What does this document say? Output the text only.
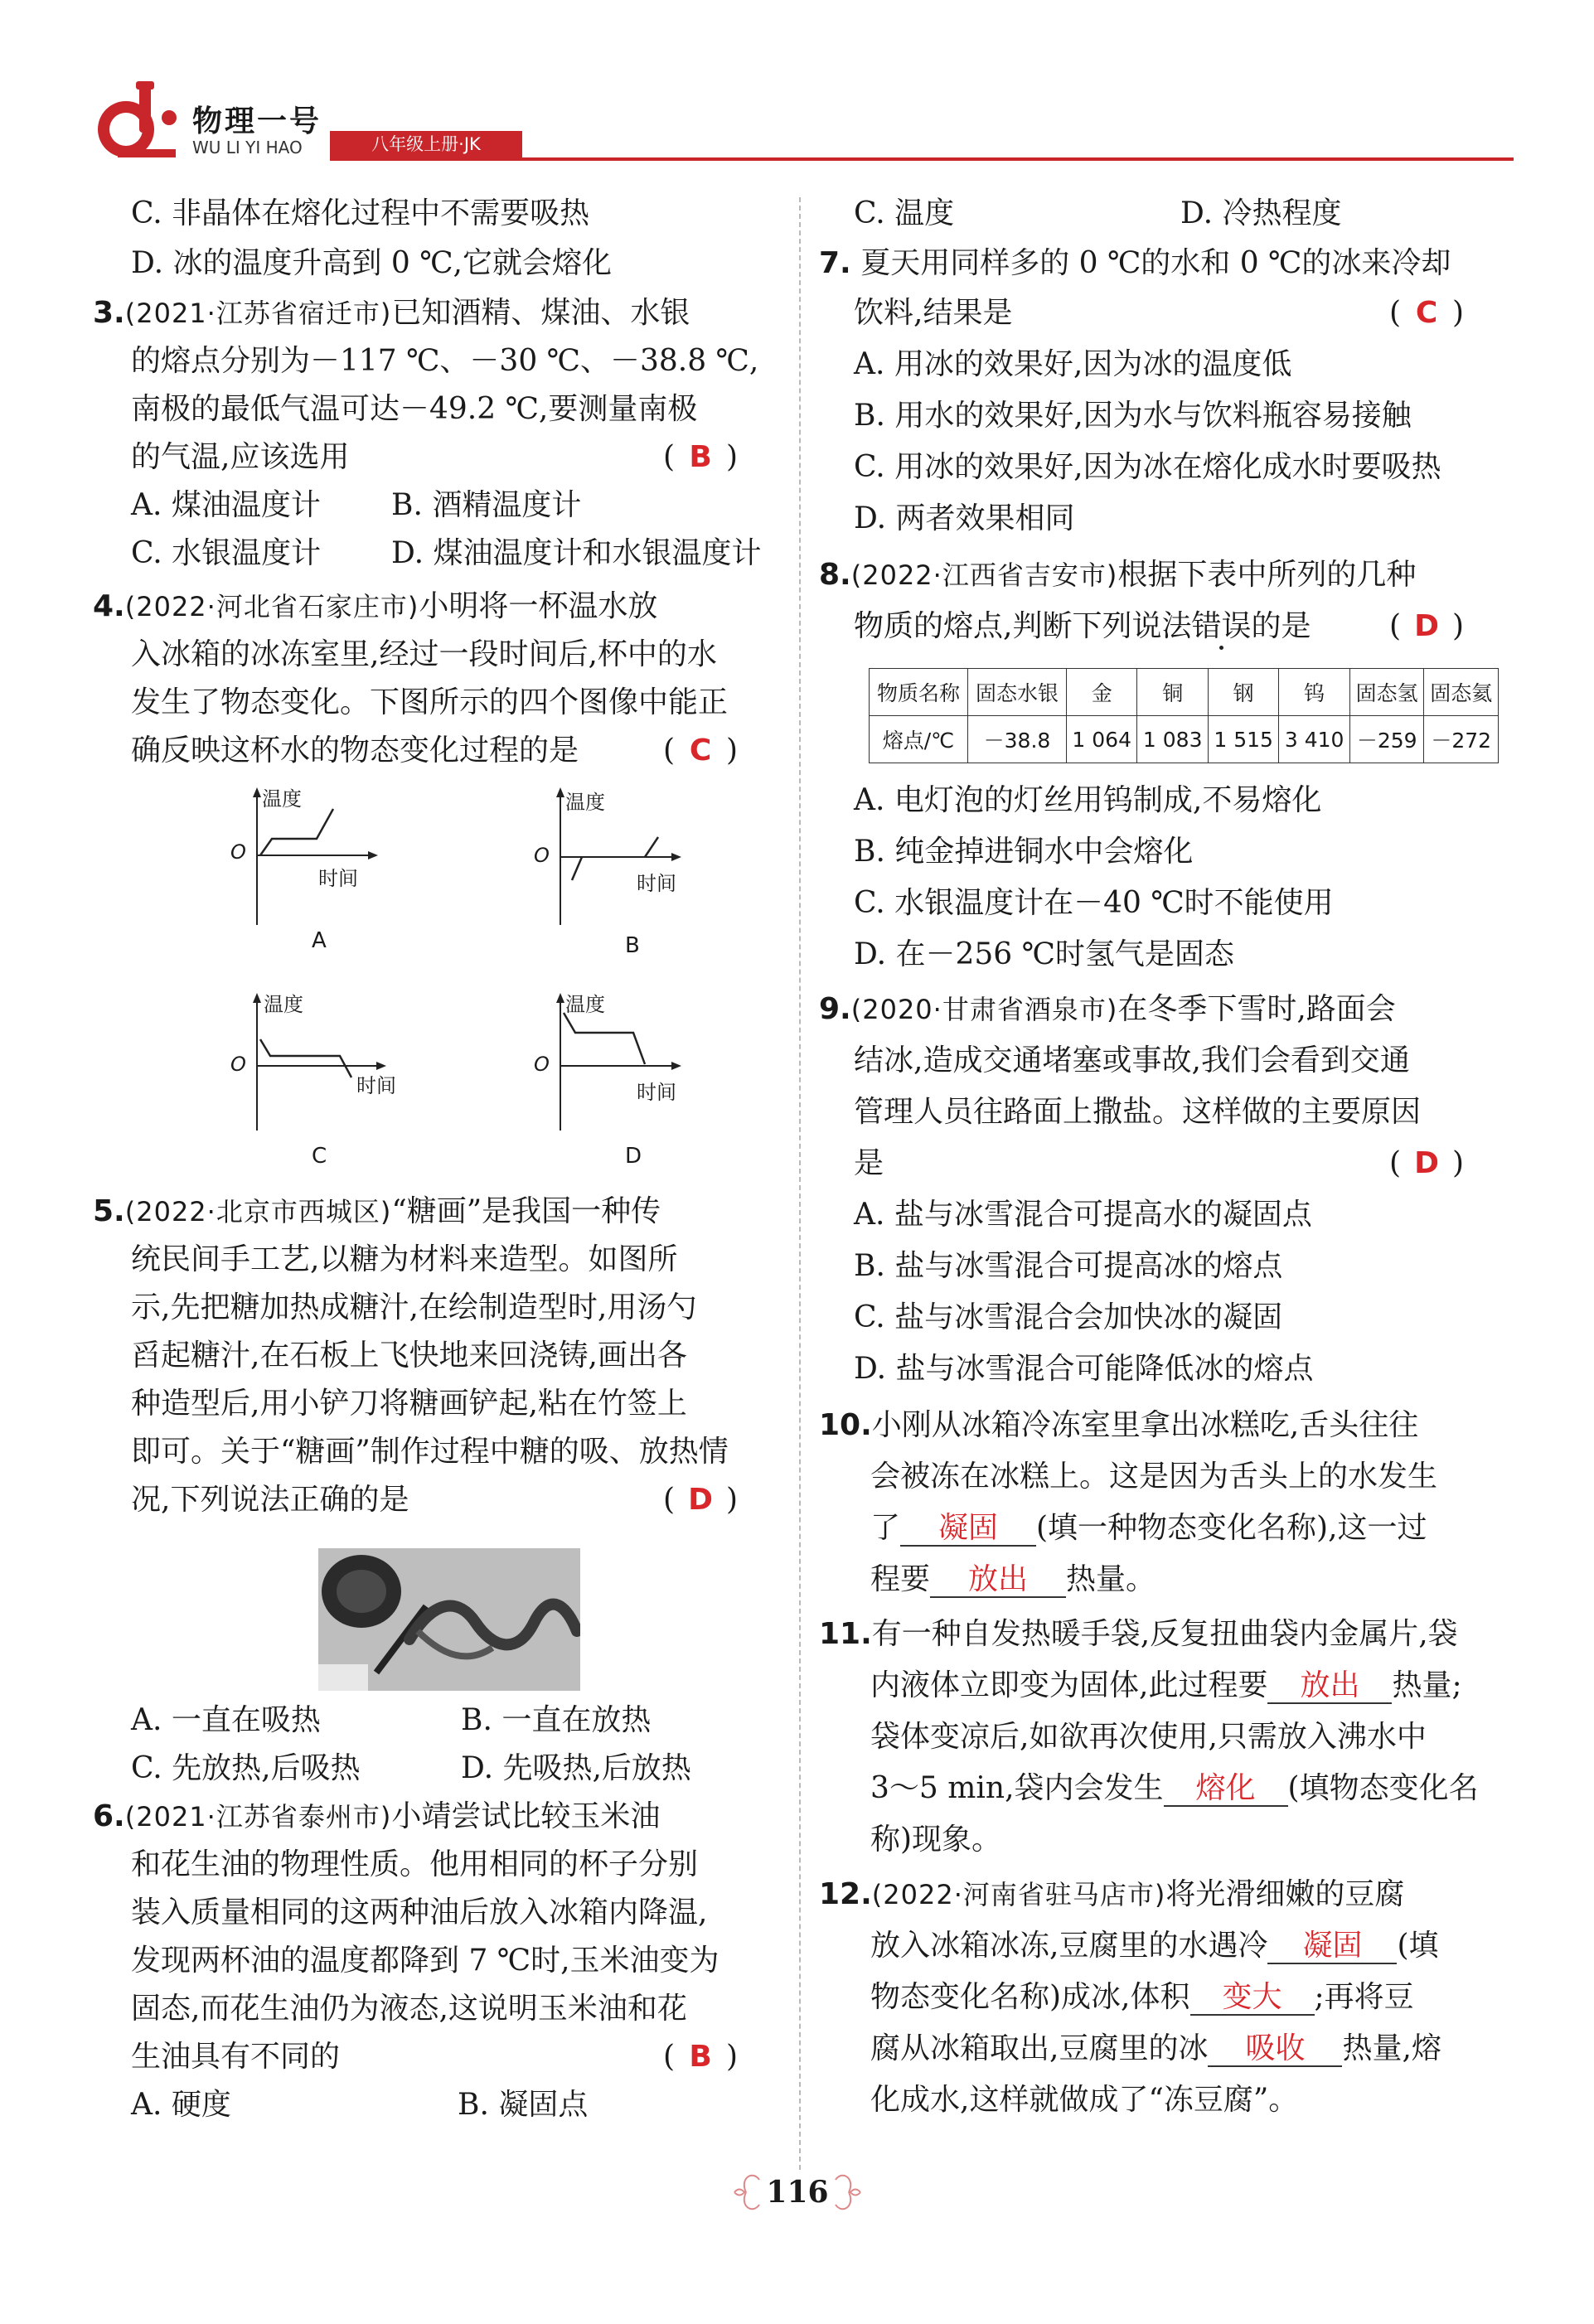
物理一号
WU LI YI HAO	八年级上册·JK
C. 非晶体在熔化过程中不需要吸热
D. 冰的温度升高到 0 ℃,它就会熔化
3.(2021·江苏省宿迁市)已知酒精、煤油、水银
的熔点分别为－117 ℃、－30 ℃、－38.8 ℃,
南极的最低气温可达－49.2 ℃,要测量南极
的气温,应该选用	( B )
A. 煤油温度计 B. 酒精温度计
C. 水银温度计 D. 煤油温度计和水银温度计
4.(2022·河北省石家庄市)小明将一杯温水放
入冰箱的冰冻室里,经过一段时间后,杯中的水
发生了物态变化。下图所示的四个图像中能正
确反映这杯水的物态变化过程的是	( C )
温度
时间
O
A
温度
时间
O
B
温度
时间
O
C
温度
时间
O
D
5.(2022·北京市西城区)“糖画”是我国一种传
统民间手工艺,以糖为材料来造型。如图所
示,先把糖加热成糖汁,在绘制造型时,用汤勺
舀起糖汁,在石板上飞快地来回浇铸,画出各
种造型后,用小铲刀将糖画铲起,粘在竹签上
即可。关于“糖画”制作过程中糖的吸、放热情
况,下列说法正确的是	( D )
A. 一直在吸热	B. 一直在放热
C. 先放热,后吸热	D. 先吸热,后放热
6.(2021·江苏省泰州市)小靖尝试比较玉米油
和花生油的物理性质。他用相同的杯子分别
装入质量相同的这两种油后放入冰箱内降温,
发现两杯油的温度都降到 7 ℃时,玉米油变为
固态,而花生油仍为液态,这说明玉米油和花
生油具有不同的	( B )
A. 硬度	B. 凝固点
C. 温度	D. 冷热程度
7. 夏天用同样多的 0 ℃的水和 0 ℃的冰来冷却
饮料,结果是	( C )
A. 用冰的效果好,因为冰的温度低
B. 用水的效果好,因为水与饮料瓶容易接触
C. 用冰的效果好,因为冰在熔化成水时要吸热
D. 两者效果相同
8.(2022·江西省吉安市)根据下表中所列的几种
物质的熔点,判断下列说法错误的是	( D )
物质名称	固态水银	金	铜	钢	钨	固态氢	固态氦
熔点/℃	－38.8	1 064	1 083	1 515	3 410	－259	－272
A. 电灯泡的灯丝用钨制成,不易熔化
B. 纯金掉进铜水中会熔化
C. 水银温度计在－40 ℃时不能使用
D. 在－256 ℃时氢气是固态
9.(2020·甘肃省酒泉市)在冬季下雪时,路面会
结冰,造成交通堵塞或事故,我们会看到交通
管理人员往路面上撒盐。这样做的主要原因
是	( D )
A. 盐与冰雪混合可提高水的凝固点
B. 盐与冰雪混合可提高冰的熔点
C. 盐与冰雪混合会加快冰的凝固
D. 盐与冰雪混合可能降低冰的熔点
10.小刚从冰箱冷冻室里拿出冰糕吃,舌头往往
会被冻在冰糕上。这是因为舌头上的水发生
了 凝固 (填一种物态变化名称),这一过
程要 放出 热量。
11.有一种自发热暖手袋,反复扭曲袋内金属片,袋
内液体立即变为固体,此过程要 放出 热量;
袋体变凉后,如欲再次使用,只需放入沸水中
3～5 min,袋内会发生 熔化 (填物态变化名
称)现象。
12.(2022·河南省驻马店市)将光滑细嫩的豆腐
放入冰箱冰冻,豆腐里的水遇冷 凝固 (填
物态变化名称)成冰,体积 变大 ;再将豆
腐从冰箱取出,豆腐里的冰 吸收 热量,熔
化成水,这样就做成了“冻豆腐”。
116
